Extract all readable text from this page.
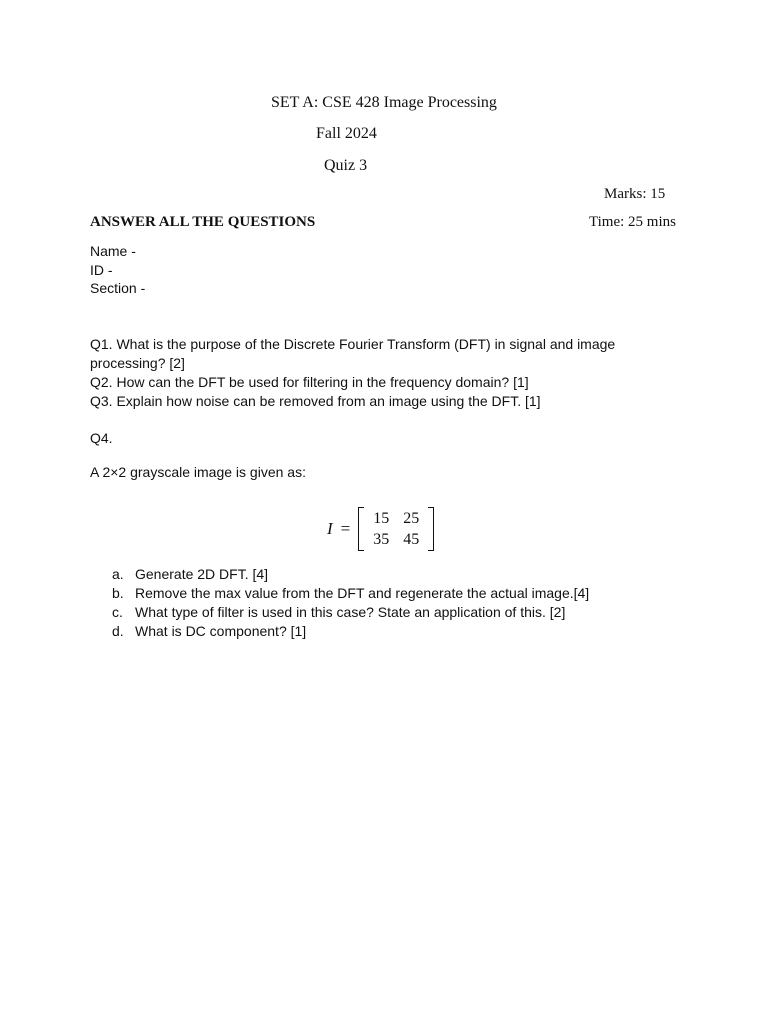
SET A: CSE 428 Image Processing
Fall 2024
Quiz 3
Marks: 15
ANSWER ALL THE QUESTIONS	Time: 25 mins
Name -
ID -
Section -

Q1. What is the purpose of the Discrete Fourier Transform (DFT) in signal and image processing? [2]

Q2. How can the DFT be used for filtering in the frequency domain? [1]

Q3. Explain how noise can be removed from an image using the DFT. [1]

Q4.
A 2×2 grayscale image is given as:
I =
15 25
35 45
a. Generate 2D DFT. [4]
b. Remove the max value from the DFT and regenerate the actual image.[4]
c. What type of filter is used in this case? State an application of this. [2]
d. What is DC component? [1]
